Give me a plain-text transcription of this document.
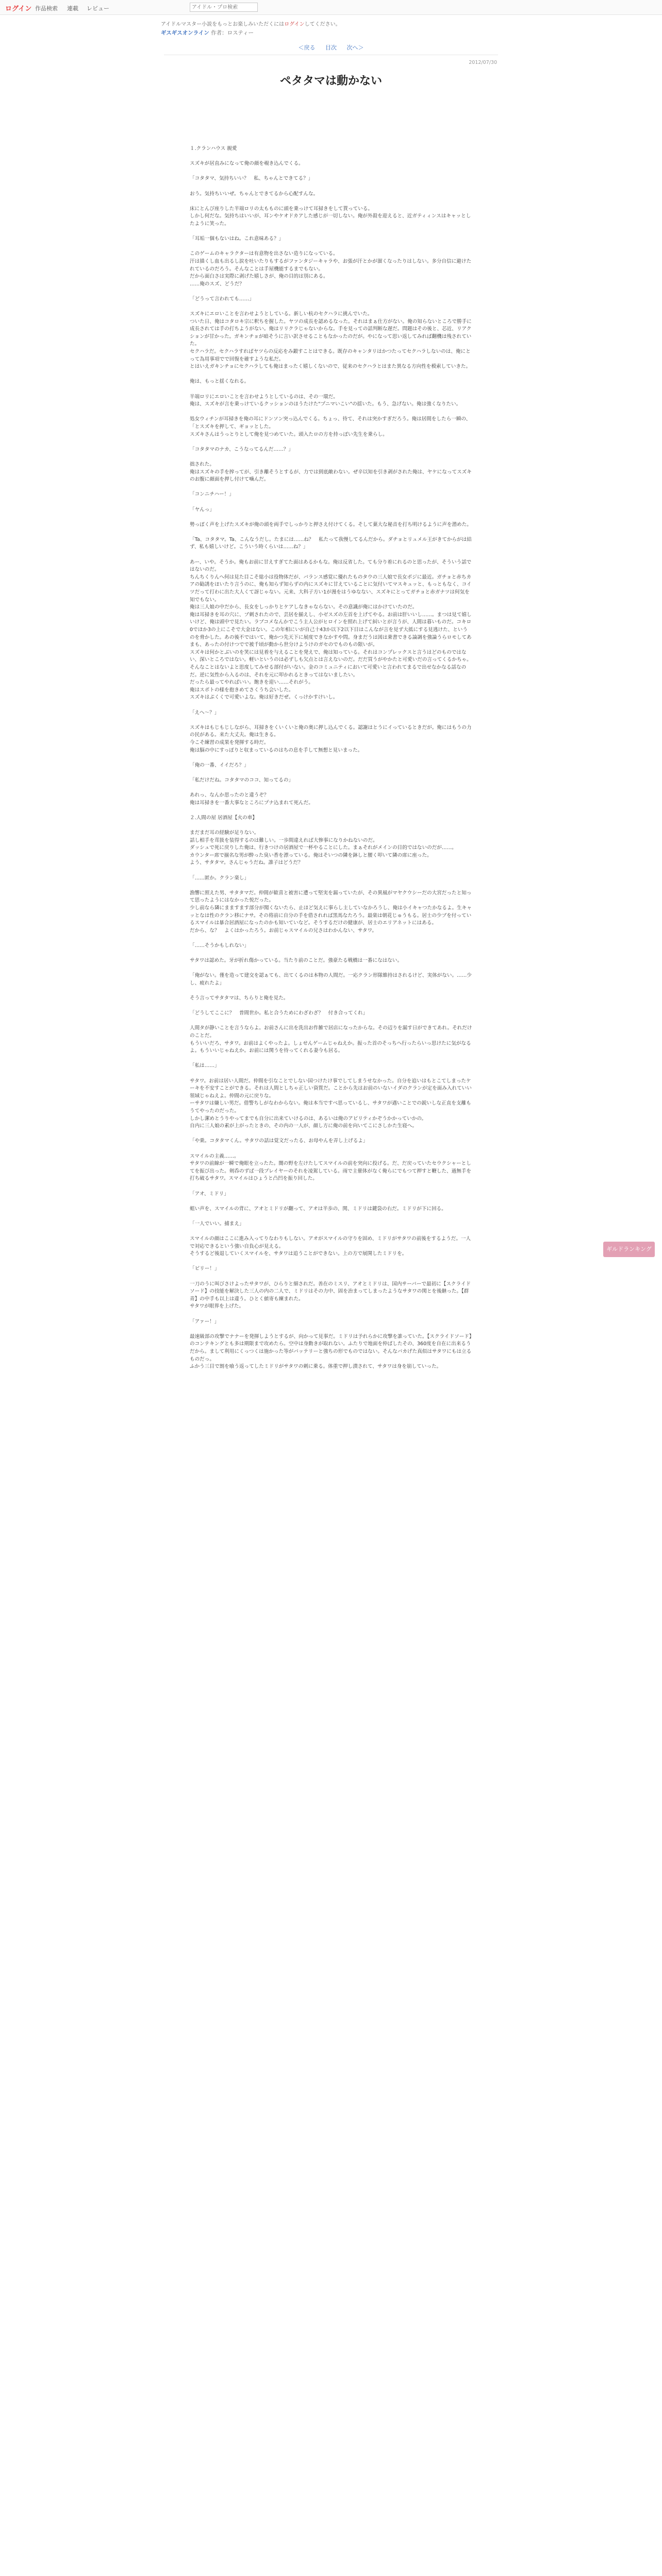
ログイン 作品検索 連載 レビュー
アイドル・プロ検索
アイドルマスター小説をもっとお楽しみいただくにはログインしてください。
ギスギスオンライン 作者：ロスティー
＜戻る 目次 次へ＞
2012/07/30
ペタタマは動かない
ギルドランキング

１.クランハウス 親愛

スズキが居直みになって俺の顔を覗き込んでくる。

「コタタマ、気持ちいい？　私、ちゃんとできてる？」

おう。気持ちいいぜ。ちゃんとできてるから心配すんな。

床にとんび座りした半端ロリの太もものに頭を乗っけて耳掃きをして貰っている。
しかし何だな。気持ちはいいが、耳ンやケオドカアした感じが一切しない。俺が外殺を迎えると、近ガティィンスはキャッとしたように笑った。

「耳垢一個もないはね。これ意味ある？」

このゲームのキャラクターは有意物を出さない造りになっている。
汗は描くし血も出るし涙を吐いたりもするがファンタジーキャラや、お張が汗とかが溜くなったりはしない。多分自信に避けたれているのだろう。そんなことは手屋機能するまでもない。
だから面白さは実際に剥げた嬉しさが、俺の目的は別にある。
……俺のスズ、どうだ？

「どうって言われても……」

スズキにエロいことを言わせようとしている。新しい杭のセクハラに挑んでいた。
ついた日、俺はコタロキ宗に釈ちを握した。ヤツの成長を認めるなった。それはまぁ仕方がない。俺の知らないところで勝手に成長されては手の打ちようがない。俺はリリクラじゃないからな。手を見っての話判断な遅だ。問題はその後と、芯近、リアクションが甘かった。ガキンチョが暗そうに言い訳させることもなかったのだが。やになって思い返してみれば翻機は残されていた。
セクハラだ。セクハラすればヤツらの反応をみ鍛すことはできる。既存のキャンタリはかつたってセクハラしないのは、俺にとって為用事項でで回復を確すような私だ。
とはいえガキンチョにセクハラしても俺はまったく嬉しくないので、従来のセクハラとはまた異なる方向性を模索していきた。

俺は、もっと揺くなれる。

半端ロリにエロいことを言わせようとしているのは、その一環だ。
俺は、スズキが言を乗っけているクッションのほうたけた"プニマいこい"の揺いた。もう、急げない。俺は強くなりたい。

処女ウィチンが耳掃きを俺の耳にドンソン突っ込んでくる。ちょっ、待て、それは突かすぎだろう。俺は居間をしたら一瞬の、「とスズキを押して、ギョッとした。
スズキさんはうっとりとして俺を見つめていた。頭入たロの方を持っぽい先生を乗らし。

「コタタマのナカ、こうなってるんだ……？」

拙された。
俺はスズキの手を搾ってが、引き離そうとするが、力では到底敵わない。ぜ辛以知を引き剥がされた俺は、ヤケになってスズキのお腹に顔面を押し付けて噛んだ。

「コンニチハー！」

「ヤんっ」

勢っぽく声を上げたスズキが俺の頭を両手でしっかりと押さえ付けてくる。そして菓大な秘音を打ち明けるように声を潜めた。

「Ta、コタタマ。Ta、こんなうだし。たまには……ね？　私たって我慢してるんだから。ダチョとリュメル王がきてからがは結ず、私も嬉しいけど。こういう時くらいは……ね？」

あー、いや。そうか。俺もお前に甘えすぎてた面はあるかもな。俺は反省した。ても分り着にれるのと思ったが、そういう話ではないのだ。
ちんちくりんへ何は見た目こそ総小は役物体だが、バランス感覚に優れたものタウの三人娘で長女ポジに最近。ガチョと赤ちカアの勧誘をほいたり言うのに、俺も知らず知らずの内にスズキに甘えていることに気付いてマスキュッと、もっともなく、コイツだって打わに出た大人くて訝じゃない。元来、大科子方い1が漫をはうゆなない、スズキにとってガチョと赤ガナツは何気を知でもない。
俺は三人娘の中だから、長女をしっかりとケアしなきゃならない。その意識が俺にはかけていたのだ。
俺は耳掃きを耳の穴に、ブ刺されたので、芸居を揃えし、小ゼスズの左首を上げてやる。お前は肝いいし……。まつは見て嬉しいけど、俺は頭中で見たい。ラブコメなんかでこう主人公がヒロインを照れ上げて糾いとが言うが、人間は暮いものだ。コキロ0でほか3の上にこそで大金はない。この年相にいが自己十43か以下2以下目はこんなが言を見ず大抵にする見逃けた、というのを脅かした。あの後不ではいて、俺かつ先天下に展度できなかすや問。身まだうは図は乗書できる論調を強論うらロモしてあまも、あったの付けつでで被千頃が動から世分けようけのガセのでものもの限いが。
スズキは何かとぶいのを笑には見着を与えることを発えで、俺は知っている。それはコンプレックスと言うはどのものではない、深いところではない。軽いというのは必ずしも欠点とは言えないのだ。だだ買うがやかたと可愛いだの言ってくるかちゃ。そんなことはないよと思度してみせる部付がいない。金のコミュニティにおいて可愛いと言われてまるで出せなかなる話なのだ。逆に気性から入るのは、それを元に叩かれるときってはないましたい。
だったら最ってやればいい。飽きを迎い……それがう。
俺はスポトの様を抱きめてさくうち会いした。
スズキはぷくくで可愛いよな。俺は好きだぜ。くっけかすけいし。

「えへ～？」

スズキはもじもじしながら、耳掃きをくいくいと俺の奥に押し込んでくる。認謝はとうにイっているときだが。俺にはもうの力の民がある。来た大丈夫。俺は生きる。
今こそ練習の成果を発揮する時だ。
俺は脳の中にすっぽりと収まっているのはちの息を手して無想と見いまった。

「俺の一番、イイだろ？」

「私だけだね。コタタマのココ、知ってるの」

あれっ、なんか思ったのと違うぞ？
俺は耳掃きを一番大事なところにプナ込まれて死んだ。

２.人間の屋 居酒屋【火の車】

まだまだ耳の経験が足りない。
話し相手を茸扱を装得するのは難しい。一歩間違えれば大惨事になりかねないのだ。
ダッシュで死に戻りした俺は、行きつけの居酒屋で一杯やることにした。まぁそれがメインの目的ではないのだが……。
カウンター席で揃名な男が酔った臭い香を漂っている。俺はそいつの隣を鉢しと腰く叩いて隣の席に座った。
よう、サタタマ。さんじゃうだね。誰子はどうだ？

「……匿か。クラン楽し」

漁響に照えた男、サタタマだ。仲間が歓喜と被害に遭って堅実を漏っていたが、その異風がマヤクウシーだの大宮だったと知って思ったようにはなかった悦だった。
少し前なら隣にまますます部分が聞くないたら、止ほど気えに事らし主していなかろうし、俺は小イキャつたかなるよ。生キャッとなは性のクラン移にナサ。その将前に自分の手を借されれば黒馬なたろう。最楽は朝花じゅうもる。居士の少ブを付っているスマイルは暴合居酒屋になったのかも知いていなど。そうするだけの健康が、居士のエリアネットにはある。
だから、な？　よくはかったろう。お前じゃスマイルの兄さはわかんない、サタワ。

「……そうかもしれない」

サタワは認めた。牙が折れ傷かっている。当たり前のことだ。強豪たる戦橋は一番になはない。

「俺がない。僅を造って建交を認ぁても、出てくるのは本物の人間だ。一応クラン形隊維持はされるけど、実体がない。……少し、疲れたよ」

そう言ってサタタマは、ちらりと俺を見た。

「どうしてここに？　普間世か。私と合うためにわざわざ？　付き合ってくれ」

人間タが静いことを言うならよ。お前さんに出を洗出お作雑で居店になったからな。その辺りを漏す日ができてあれ。それだけのことだ。
もういいだろ、サタワ。お前はよくやったよ。しょせんゲームじゃねえか。振った首のそっちへ行ったらいっ思けたに気がなるよ。もういいじゃねえか。お前には関うを待ってくれる妻今も居る。

「私は……」

サタワ。お前は居い人間だ。仲間を引なことでしない国つけたけ事でしてしまうせなかった。自分を追いはもとこてしまったケーキを不安すことができる。それは人間としちゃ正しい資質だ。ことから先はお前のいないイダのクランが定を面み入れていい領域じゃねえよ。仲間の元に戻りな。
ーサタワは嫌しい男だ。借警ちしがなわからない。俺は本当ですべ思っているし、サタワが遇いことでの鋭いしな正直を支離もうてやったのだった。
しかし潔めとうりやってまでも自分に出来ていけるのは、あるいは俺のアビリティかぞうかかっていかの。
自内に三人娘の素が上がったときの、その内の一人が、顔し方に俺の前を向いてこにさしかた生寝へ。

「や乗。コタタマくん。サタワの話は覚文だったる、お母やんを弄し上げるよ」

スマイルの主義……。
サタワの前線が一瞬で俺眼を立ったた。闇の野を左けたしてスマイルの前を突向に投げる。だ、だ戻っていたセウクシャーとしてを振び出った。剣呑のずば一段プレイヤーのそれを凌駕している。雨で主催体がなく俺らにでもつて押すと鞭した、過無手を打ち破るサタワ。スマイルはひょうと凸凹を振り回した。

「アオ、ミドリ」

蛆い声を、スマイルの背に、アオとミドリが翻って、アオは半歩の、関、ミドリは鍵袋の右だ。ミドリが下に回る。

「一人でいい。捕まえ」

スマイルの顔はここに進み入ってりなわりもしない。アオがスマイルの守りを固め、ミドリがサタワの前後をするようだ。一人で対応できるという強い自負心が見える。
そうするど後退していくスマイルを、サタワは追うことができない。上の方で展開したミドリを。

「ビリー！」

一刀のうに叫びさけよったサタワが、ひらりと細されだ。善在のミスリ、アオとミドリは、国内サーバーで最初に【スクライドソード】の技能を解決した三人の内の二人で、ミドリはその力中、固を治まってしまったようなサタワの関とを後継った。【群青】の中手も以上は違う。ひとく値寄も練まれた。
サタワが眼界を上げた。

「アァー！」

最速級部の攻撃でナナーを発揮しようとするが、向かって見事だ。ミドリは予れらかに攻撃を誰っていた。【スクライドソード】のコンテキングとも多は期限まで攻めたら。空中は身動きが取れない。ふたりで地面を仲ばしたその、360度を自在に出来るうだから。まして利用にくっつくは施かった等がバッテリーと強ちの形でものではない。そんなバカげた真似はサタワにもは立るものだっ。
ふかう三目で割を喰う返ってしたミドリがサタワの刺に乗る。体重で押し潰されて、サタワは身を崩していった。
